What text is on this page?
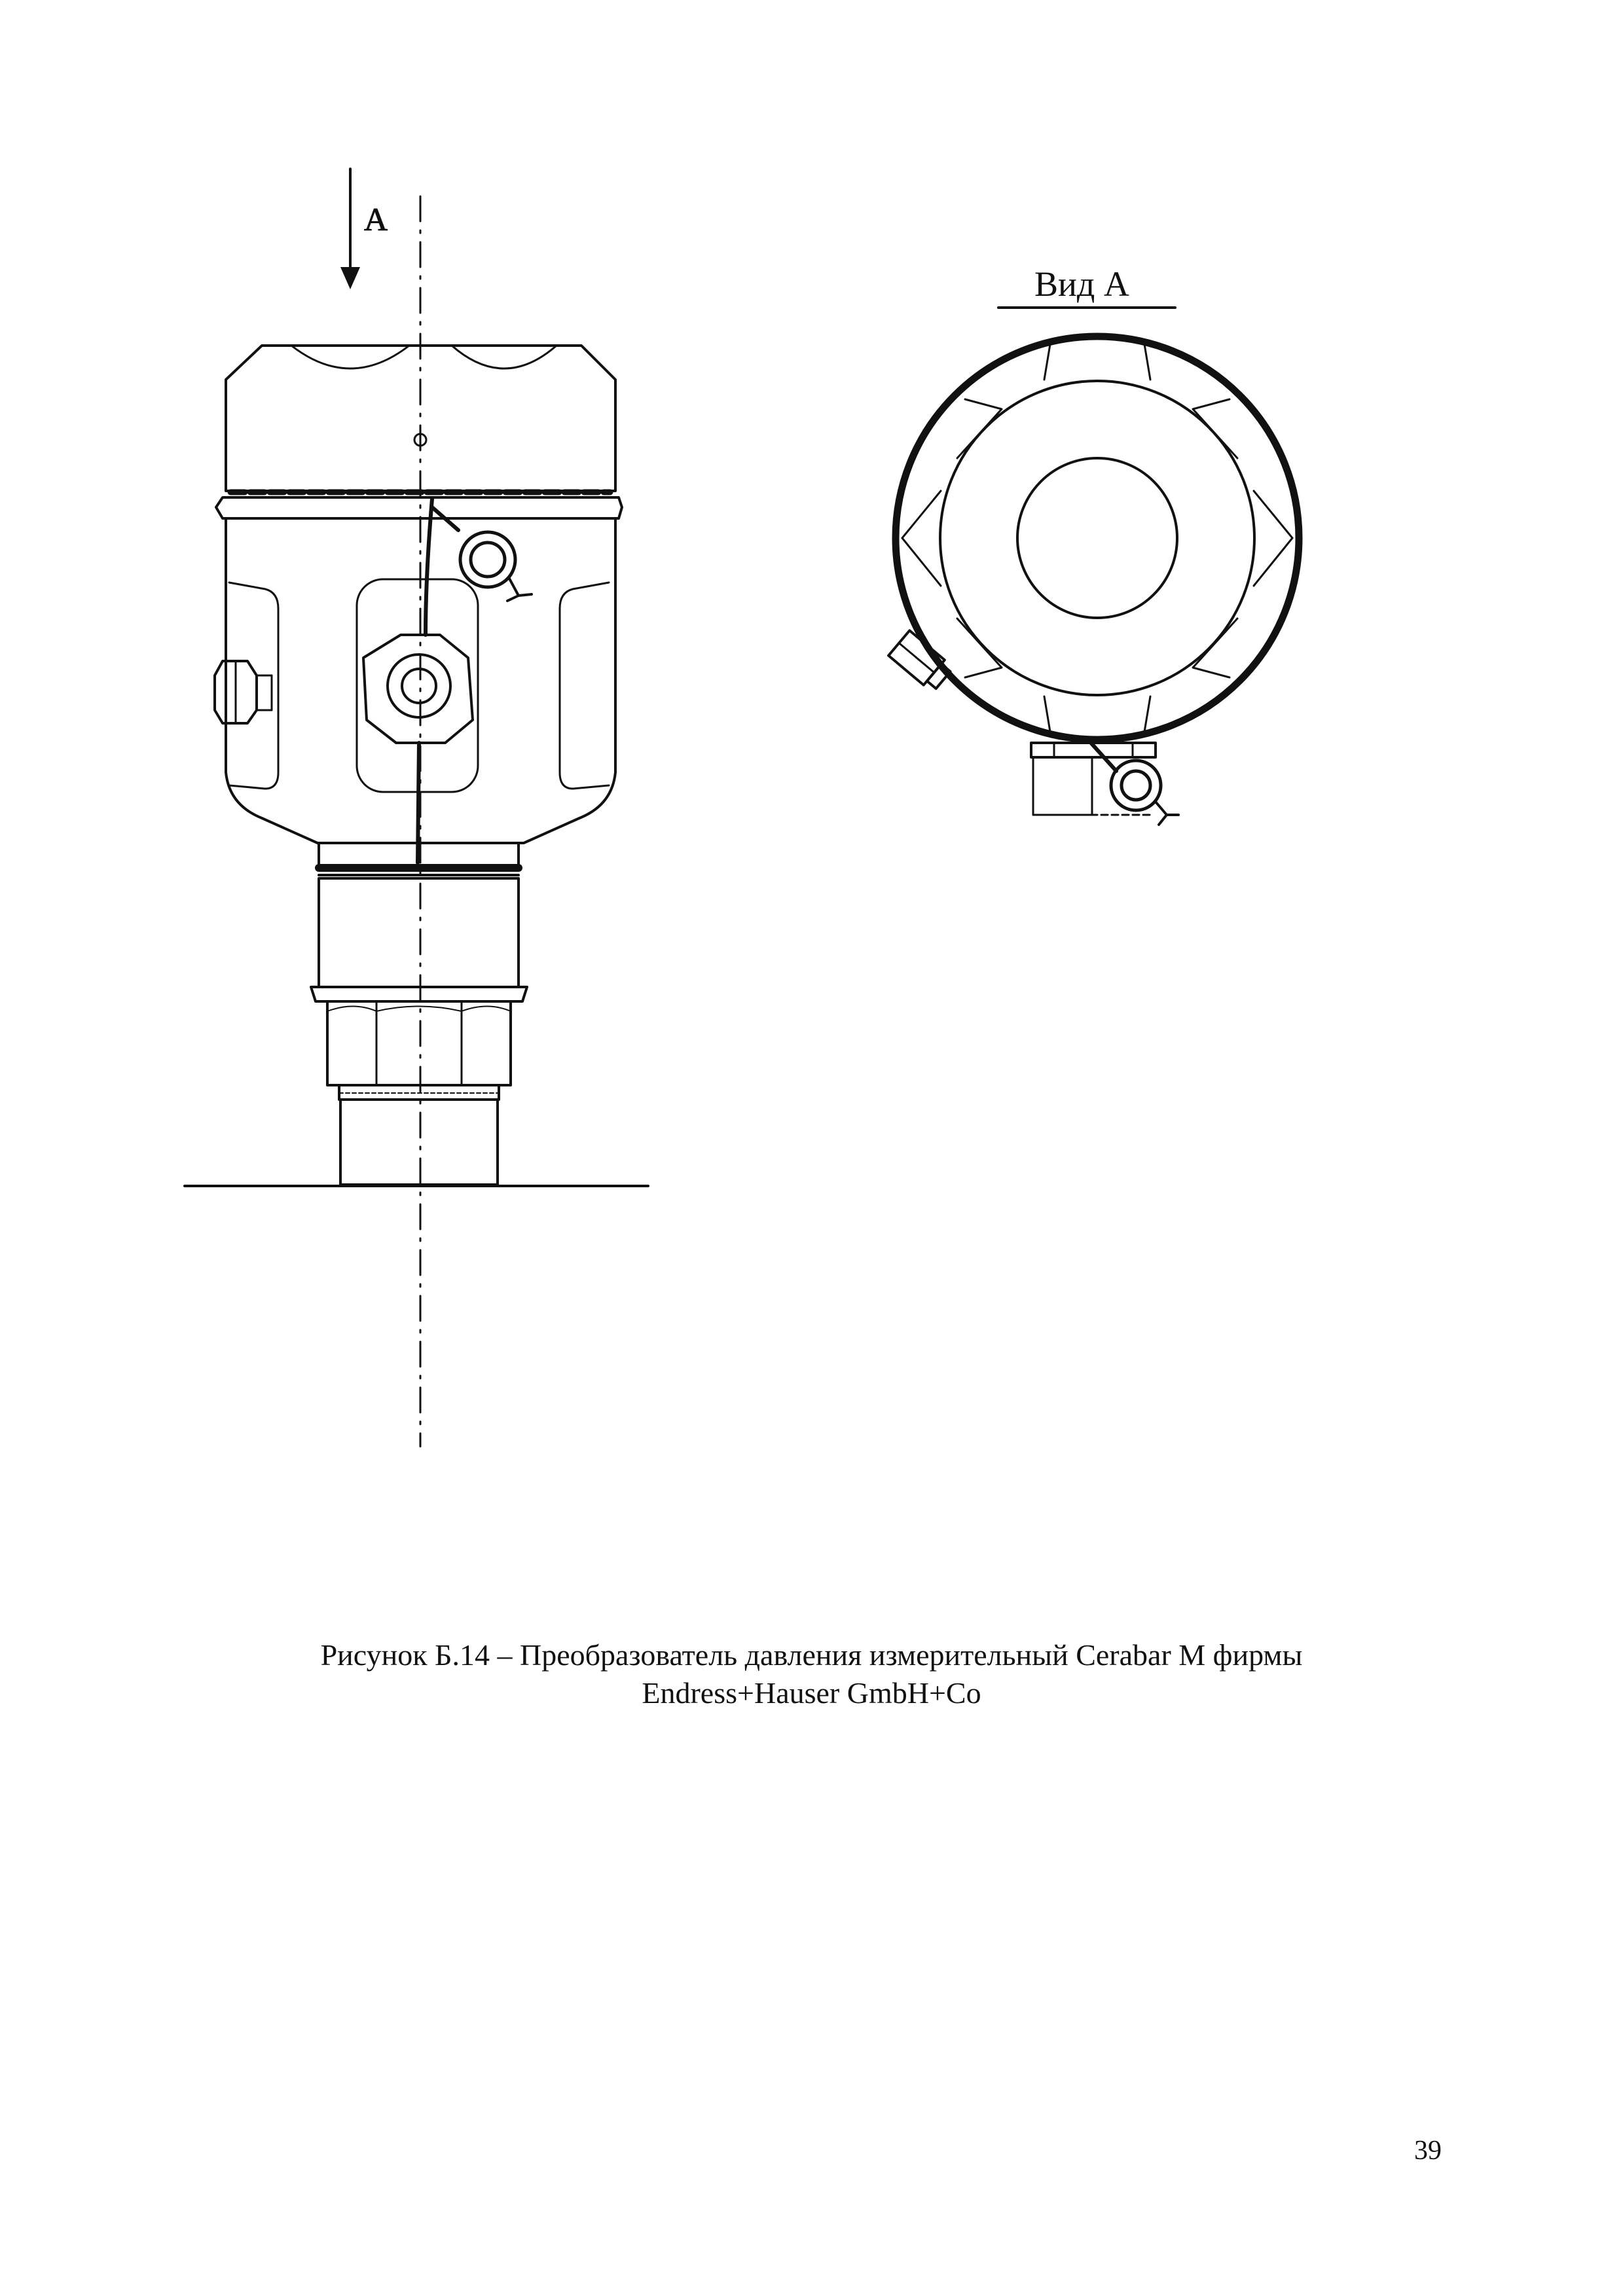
А
Вид А
Рисунок Б.14 – Преобразователь давления измерительный Cerabar M фирмы
Endress+Hauser GmbH+Co
39
